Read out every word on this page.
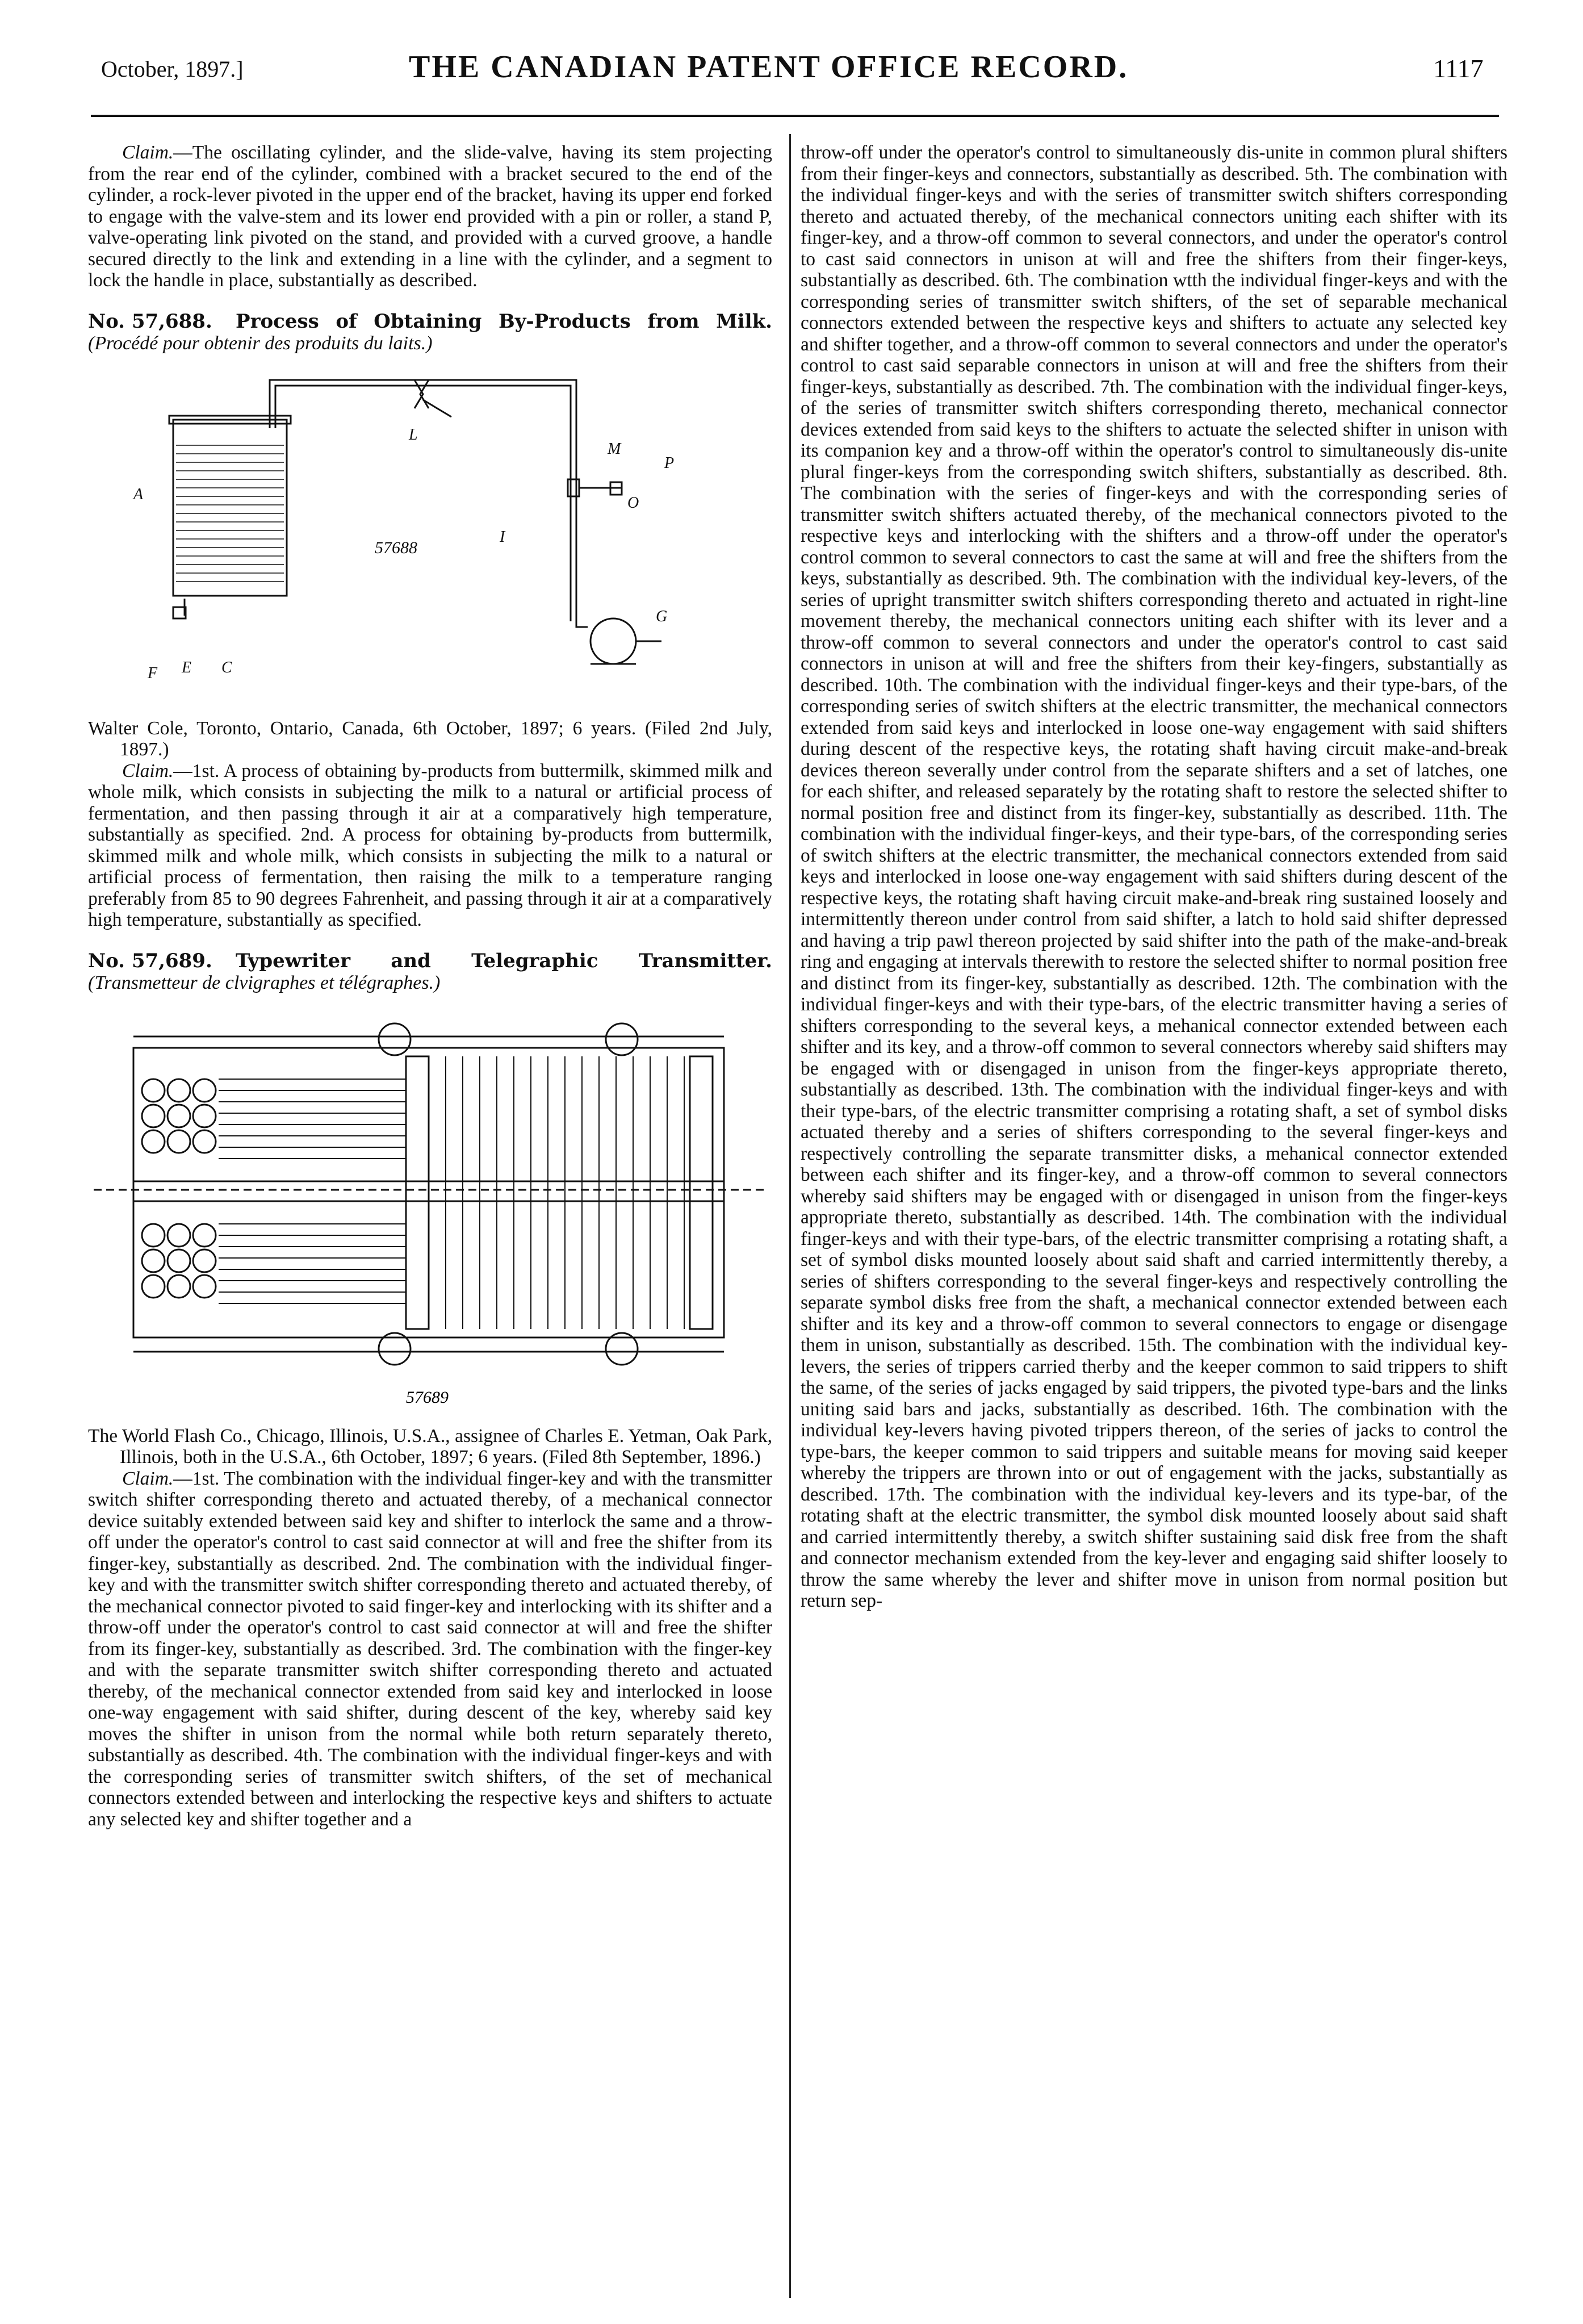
October, 1897.]	THE CANADIAN PATENT OFFICE RECORD.	1117

Claim.—The oscillating cylinder, and the slide-valve, having its stem projecting from the rear end of the cylinder, combined with a bracket secured to the end of the cylinder, a rock-lever pivoted in the upper end of the bracket, having its upper end forked to engage with the valve-stem and its lower end provided with a pin or roller, a stand P, valve-operating link pivoted on the stand, and provided with a curved groove, a handle secured directly to the link and extending in a line with the cylinder, and a segment to lock the handle in place, substantially as described.

No. 57,688. Process of Obtaining By-Products from Milk. (Procédé pour obtenir des produits du laits.)
L
M
P
A	O
I
F E C
G
57688

Walter Cole, Toronto, Ontario, Canada, 6th October, 1897; 6 years. (Filed 2nd July, 1897.)

Claim.—1st. A process of obtaining by-products from buttermilk, skimmed milk and whole milk, which consists in subjecting the milk to a natural or artificial process of fermentation, and then passing through it air at a comparatively high temperature, substantially as specified. 2nd. A process for obtaining by-products from buttermilk, skimmed milk and whole milk, which consists in subjecting the milk to a natural or artificial process of fermentation, then raising the milk to a temperature ranging preferably from 85 to 90 degrees Fahrenheit, and passing through it air at a comparatively high temperature, substantially as specified.

No. 57,689. Typewriter and Telegraphic Transmitter. (Transmetteur de clvigraphes et télégraphes.)
57689

The World Flash Co., Chicago, Illinois, U.S.A., assignee of Charles E. Yetman, Oak Park, Illinois, both in the U.S.A., 6th October, 1897; 6 years. (Filed 8th September, 1896.)

Claim.—1st. The combination with the individual finger-key and with the transmitter switch shifter corresponding thereto and actuated thereby, of a mechanical connector device suitably extended between said key and shifter to interlock the same and a throw-off under the operator's control to cast said connector at will and free the shifter from its finger-key, substantially as described. 2nd. The combination with the individual finger-key and with the transmitter switch shifter corresponding thereto and actuated thereby, of the mechanical connector pivoted to said finger-key and interlocking with its shifter and a throw-off under the operator's control to cast said connector at will and free the shifter from its finger-key, substantially as described. 3rd. The combination with the finger-key and with the separate transmitter switch shifter corresponding thereto and actuated thereby, of the mechanical connector extended from said key and interlocked in loose one-way engagement with said shifter, during descent of the key, whereby said key moves the shifter in unison from the normal while both return separately thereto, substantially as described. 4th. The combination with the individual finger-keys and with the corresponding series of transmitter switch shifters, of the set of mechanical connectors extended between and interlocking the respective keys and shifters to actuate any selected key and shifter together and a

throw-off under the operator's control to simultaneously dis-unite in common plural shifters from their finger-keys and connectors, substantially as described. 5th. The combination with the individual finger-keys and with the series of transmitter switch shifters corresponding thereto and actuated thereby, of the mechanical connectors uniting each shifter with its finger-key, and a throw-off common to several connectors, and under the operator's control to cast said connectors in unison at will and free the shifters from their finger-keys, substantially as described. 6th. The combination wtth the individual finger-keys and with the corresponding series of transmitter switch shifters, of the set of separable mechanical connectors extended between the respective keys and shifters to actuate any selected key and shifter together, and a throw-off common to several connectors and under the operator's control to cast said separable connectors in unison at will and free the shifters from their finger-keys, substantially as described. 7th. The combination with the individual finger-keys, of the series of transmitter switch shifters corresponding thereto, mechanical connector devices extended from said keys to the shifters to actuate the selected shifter in unison with its companion key and a throw-off within the operator's control to simultaneously dis-unite plural finger-keys from the corresponding switch shifters, substantially as described. 8th. The combination with the series of finger-keys and with the corresponding series of transmitter switch shifters actuated thereby, of the mechanical connectors pivoted to the respective keys and interlocking with the shifters and a throw-off under the operator's control common to several connectors to cast the same at will and free the shifters from the keys, substantially as described. 9th. The combination with the individual key-levers, of the series of upright transmitter switch shifters corresponding thereto and actuated in right-line movement thereby, the mechanical connectors uniting each shifter with its lever and a throw-off common to several connectors and under the operator's control to cast said connectors in unison at will and free the shifters from their key-fingers, substantially as described. 10th. The combination with the individual finger-keys and their type-bars, of the corresponding series of switch shifters at the electric transmitter, the mechanical connectors extended from said keys and interlocked in loose one-way engagement with said shifters during descent of the respective keys, the rotating shaft having circuit make-and-break devices thereon severally under control from the separate shifters and a set of latches, one for each shifter, and released separately by the rotating shaft to restore the selected shifter to normal position free and distinct from its finger-key, substantially as described. 11th. The combination with the individual finger-keys, and their type-bars, of the corresponding series of switch shifters at the electric transmitter, the mechanical connectors extended from said keys and interlocked in loose one-way engagement with said shifters during descent of the respective keys, the rotating shaft having circuit make-and-break ring sustained loosely and intermittently thereon under control from said shifter, a latch to hold said shifter depressed and having a trip pawl thereon projected by said shifter into the path of the make-and-break ring and engaging at intervals therewith to restore the selected shifter to normal position free and distinct from its finger-key, substantially as described. 12th. The combination with the individual finger-keys and with their type-bars, of the electric transmitter having a series of shifters corresponding to the several keys, a mehanical connector extended between each shifter and its key, and a throw-off common to several connectors whereby said shifters may be engaged with or disengaged in unison from the finger-keys appropriate thereto, substantially as described. 13th. The combination with the individual finger-keys and with their type-bars, of the electric transmitter comprising a rotating shaft, a set of symbol disks actuated thereby and a series of shifters corresponding to the several finger-keys and respectively controlling the separate transmitter disks, a mehanical connector extended between each shifter and its finger-key, and a throw-off common to several connectors whereby said shifters may be engaged with or disengaged in unison from the finger-keys appropriate thereto, substantially as described. 14th. The combination with the individual finger-keys and with their type-bars, of the electric transmitter comprising a rotating shaft, a set of symbol disks mounted loosely about said shaft and carried intermittently thereby, a series of shifters corresponding to the several finger-keys and respectively controlling the separate symbol disks free from the shaft, a mechanical connector extended between each shifter and its key and a throw-off common to several connectors to engage or disengage them in unison, substantially as described. 15th. The combination with the individual key-levers, the series of trippers carried therby and the keeper common to said trippers to shift the same, of the series of jacks engaged by said trippers, the pivoted type-bars and the links uniting said bars and jacks, substantially as described. 16th. The combination with the individual key-levers having pivoted trippers thereon, of the series of jacks to control the type-bars, the keeper common to said trippers and suitable means for moving said keeper whereby the trippers are thrown into or out of engagement with the jacks, substantially as described. 17th. The combination with the individual key-levers and its type-bar, of the rotating shaft at the electric transmitter, the symbol disk mounted loosely about said shaft and carried intermittently thereby, a switch shifter sustaining said disk free from the shaft and connector mechanism extended from the key-lever and engaging said shifter loosely to throw the same whereby the lever and shifter move in unison from normal position but return sep-
